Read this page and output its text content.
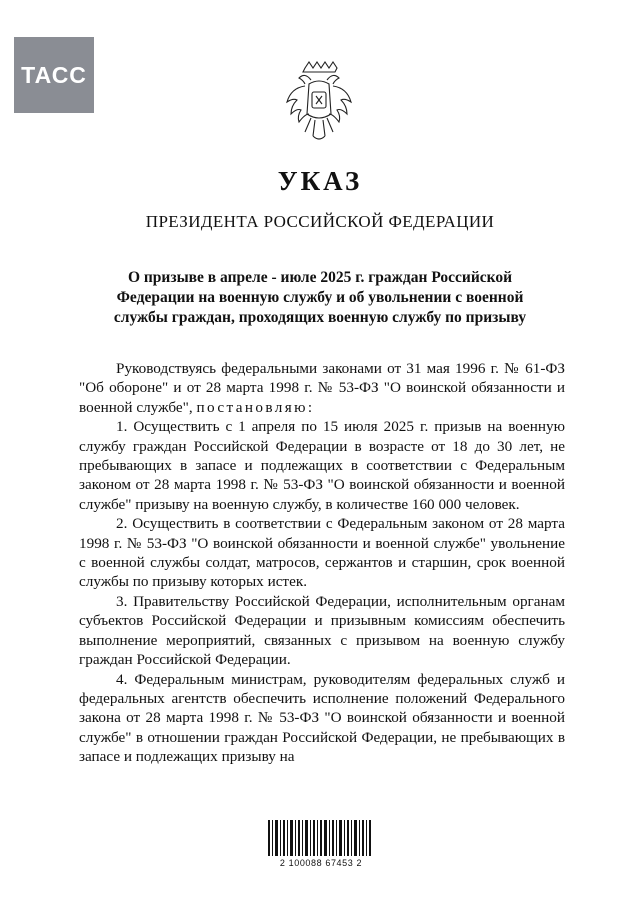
ТАСС
УКАЗ
ПРЕЗИДЕНТА РОССИЙСКОЙ ФЕДЕРАЦИИ
О призыве в апреле - июле 2025 г. граждан Российской Федерации на военную службу и об увольнении с военной службы граждан, проходящих военную службу по призыву

Руководствуясь федеральными законами от 31 мая 1996 г. № 61-ФЗ "Об обороне" и от 28 марта 1998 г. № 53-ФЗ "О воинской обязанности и военной службе", постановляю:

1. Осуществить с 1 апреля по 15 июля 2025 г. призыв на военную службу граждан Российской Федерации в возрасте от 18 до 30 лет, не пребывающих в запасе и подлежащих в соответствии с Федеральным законом от 28 марта 1998 г. № 53-ФЗ "О воинской обязанности и военной службе" призыву на военную службу, в количестве 160 000 человек.

2. Осуществить в соответствии с Федеральным законом от 28 марта 1998 г. № 53-ФЗ "О воинской обязанности и военной службе" увольнение с военной службы солдат, матросов, сержантов и старшин, срок военной службы по призыву которых истек.

3. Правительству Российской Федерации, исполнительным органам субъектов Российской Федерации и призывным комиссиям обеспечить выполнение мероприятий, связанных с призывом на военную службу граждан Российской Федерации.

4. Федеральным министрам, руководителям федеральных служб и федеральных агентств обеспечить исполнение положений Федерального закона от 28 марта 1998 г. № 53-ФЗ "О воинской обязанности и военной службе" в отношении граждан Российской Федерации, не пребывающих в запасе и подлежащих призыву на

2 100088 67453 2
